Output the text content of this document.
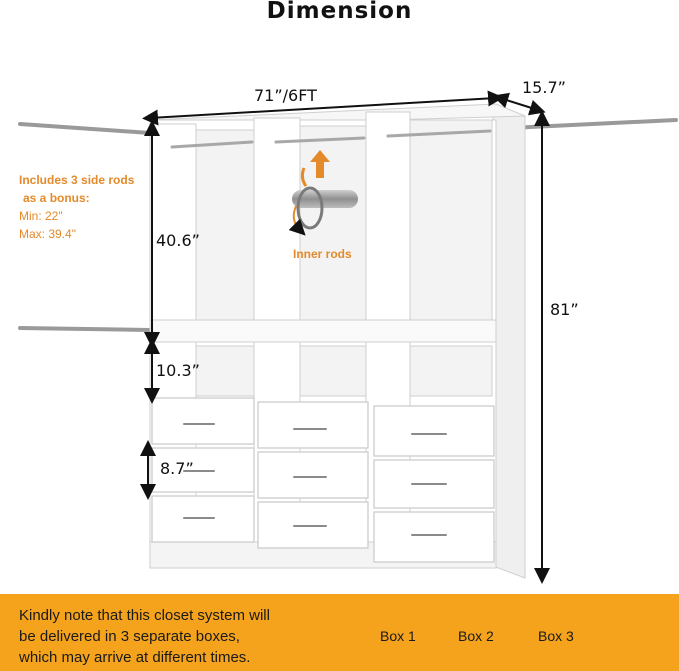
Dimension
71”/6FT	15.7”
40.6”
10.3”
8.7”
81”
Includes 3 side rods
as a bonus:
Min: 22"
Max: 39.4"
Inner rods
Kindly note that this closet system will
be delivered in 3 separate boxes,
which may arrive at different times.
Box 1	Box 2	Box 3
